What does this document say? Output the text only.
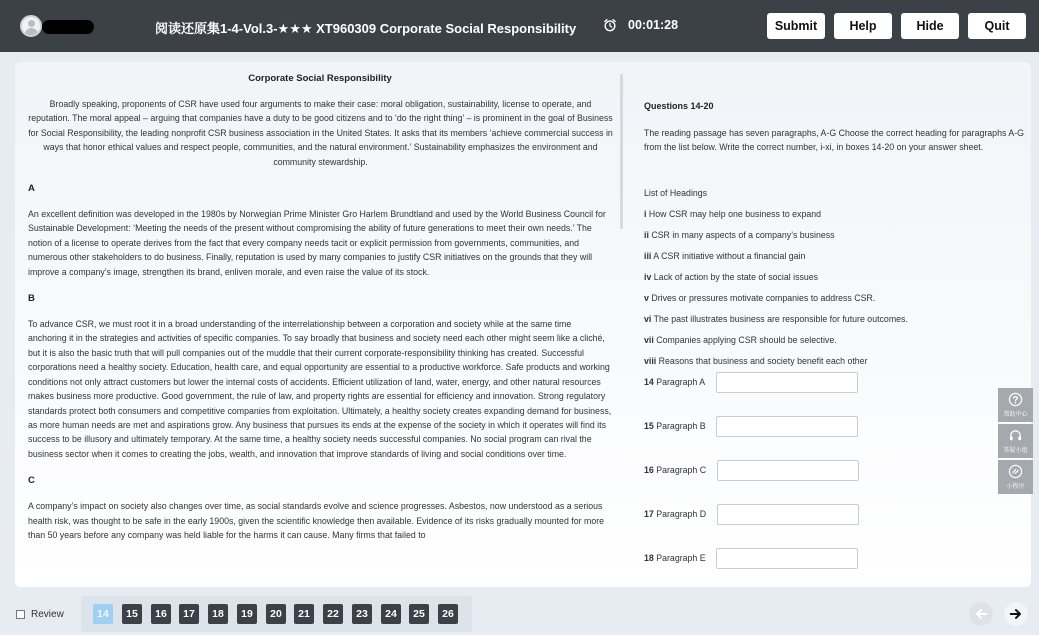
阅读还原集1-4-Vol.3-★★★ XT960309 Corporate Social Responsibility	00:01:28	Submit	Help	Hide	Quit
Corporate Social Responsibility
Broadly speaking, proponents of CSR have used four arguments to make their case: moral obligation, sustainability, license to operate, and reputation. The moral appeal – arguing that companies have a duty to be good citizens and to ‘do the right thing’ – is prominent in the goal of Business for Social Responsibility, the leading nonprofit CSR business association in the United States. It asks that its members ‘achieve commercial success in ways that honor ethical values and respect people, communities, and the natural environment.’ Sustainability emphasizes the environment and community stewardship.
A
An excellent definition was developed in the 1980s by Norwegian Prime Minister Gro Harlem Brundtland and used by the World Business Council for Sustainable Development: ‘Meeting the needs of the present without compromising the ability of future generations to meet their own needs.’ The notion of a license to operate derives from the fact that every company needs tacit or explicit permission from governments, communities, and numerous other stakeholders to do business. Finally, reputation is used by many companies to justify CSR initiatives on the grounds that they will improve a company’s image, strengthen its brand, enliven morale, and even raise the value of its stock.
B
To advance CSR, we must root it in a broad understanding of the interrelationship between a corporation and society while at the same time anchoring it in the strategies and activities of specific companies. To say broadly that business and society need each other might seem like a cliché, but it is also the basic truth that will pull companies out of the muddle that their current corporate-responsibility thinking has created. Successful corporations need a healthy society. Education, health care, and equal opportunity are essential to a productive workforce. Safe products and working conditions not only attract customers but lower the internal costs of accidents. Efficient utilization of land, water, energy, and other natural resources makes business more productive. Good government, the rule of law, and property rights are essential for efficiency and innovation. Strong regulatory standards protect both consumers and competitive companies from exploitation. Ultimately, a healthy society creates expanding demand for business, as more human needs are met and aspirations grow. Any business that pursues its ends at the expense of the society in which it operates will find its success to be illusory and ultimately temporary. At the same time, a healthy society needs successful companies. No social program can rival the business sector when it comes to creating the jobs, wealth, and innovation that improve standards of living and social conditions over time.
C
A company’s impact on society also changes over time, as social standards evolve and science progresses. Asbestos, now understood as a serious health risk, was thought to be safe in the early 1900s, given the scientific knowledge then available. Evidence of its risks gradually mounted for more than 50 years before any company was held liable for the harms it can cause. Many firms that failed to
Questions 14-20
The reading passage has seven paragraphs, A-G Choose the correct heading for paragraphs A-G from the list below. Write the correct number, i-xi, in boxes 14-20 on your answer sheet.
List of Headings
i How CSR may help one business to expand
ii CSR in many aspects of a company’s business
iii A CSR initiative without a financial gain
iv Lack of action by the state of social issues
v Drives or pressures motivate companies to address CSR.
vi The past illustrates business are responsible for future outcomes.
vii Companies applying CSR should be selective.
viii Reasons that business and society benefit each other
14 Paragraph A
15 Paragraph B
16 Paragraph C
17 Paragraph D
18 Paragraph E
帮助中心
答疑小组
小程序
Review	14	15	16	17	18	19	20	21	22	23	24	25	26
